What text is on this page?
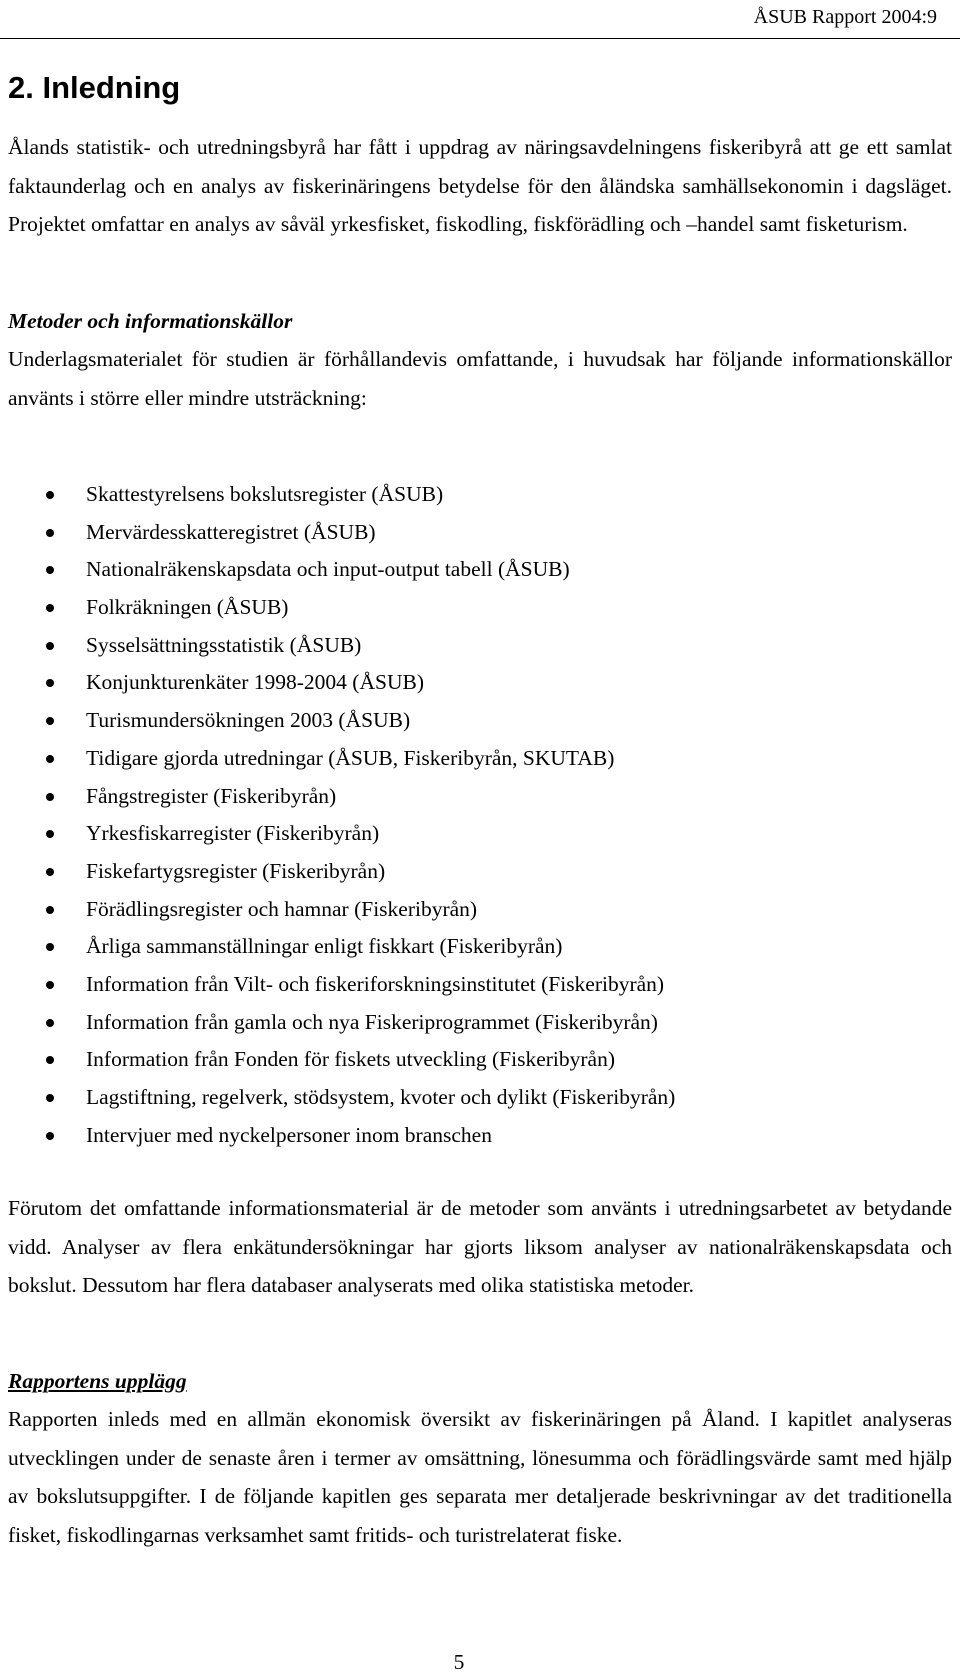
ÅSUB Rapport 2004:9
2. Inledning

Ålands statistik- och utredningsbyrå har fått i uppdrag av näringsavdelningens fiskeribyrå att ge ett samlat faktaunderlag och en analys av fiskerinäringens betydelse för den åländska samhällsekonomin i dagsläget. Projektet omfattar en analys av såväl yrkesfisket, fiskodling, fiskförädling och –handel samt fisketurism.

Metoder och informationskällor

Underlagsmaterialet för studien är förhållandevis omfattande, i huvudsak har följande informationskällor använts i större eller mindre utsträckning:

Skattestyrelsens bokslutsregister (ÅSUB)
Mervärdesskatteregistret (ÅSUB)
Nationalräkenskapsdata och input-output tabell (ÅSUB)
Folkräkningen (ÅSUB)
Sysselsättningsstatistik (ÅSUB)
Konjunkturenkäter 1998-2004 (ÅSUB)
Turismundersökningen 2003 (ÅSUB)
Tidigare gjorda utredningar (ÅSUB, Fiskeribyrån, SKUTAB)
Fångstregister (Fiskeribyrån)
Yrkesfiskarregister (Fiskeribyrån)
Fiskefartygsregister (Fiskeribyrån)
Förädlingsregister och hamnar (Fiskeribyrån)
Årliga sammanställningar enligt fiskkart (Fiskeribyrån)
Information från Vilt- och fiskeriforskningsinstitutet (Fiskeribyrån)
Information från gamla och nya Fiskeriprogrammet (Fiskeribyrån)
Information från Fonden för fiskets utveckling (Fiskeribyrån)
Lagstiftning, regelverk, stödsystem, kvoter och dylikt (Fiskeribyrån)
Intervjuer med nyckelpersoner inom branschen

Förutom det omfattande informationsmaterial är de metoder som använts i utredningsarbetet av betydande vidd. Analyser av flera enkätundersökningar har gjorts liksom analyser av nationalräkenskapsdata och bokslut. Dessutom har flera databaser analyserats med olika statistiska metoder.

Rapportens upplägg

Rapporten inleds med en allmän ekonomisk översikt av fiskerinäringen på Åland. I kapitlet analyseras utvecklingen under de senaste åren i termer av omsättning, lönesumma och förädlingsvärde samt med hjälp av bokslutsuppgifter. I de följande kapitlen ges separata mer detaljerade beskrivningar av det traditionella fisket, fiskodlingarnas verksamhet samt fritids- och turistrelaterat fiske.

5
